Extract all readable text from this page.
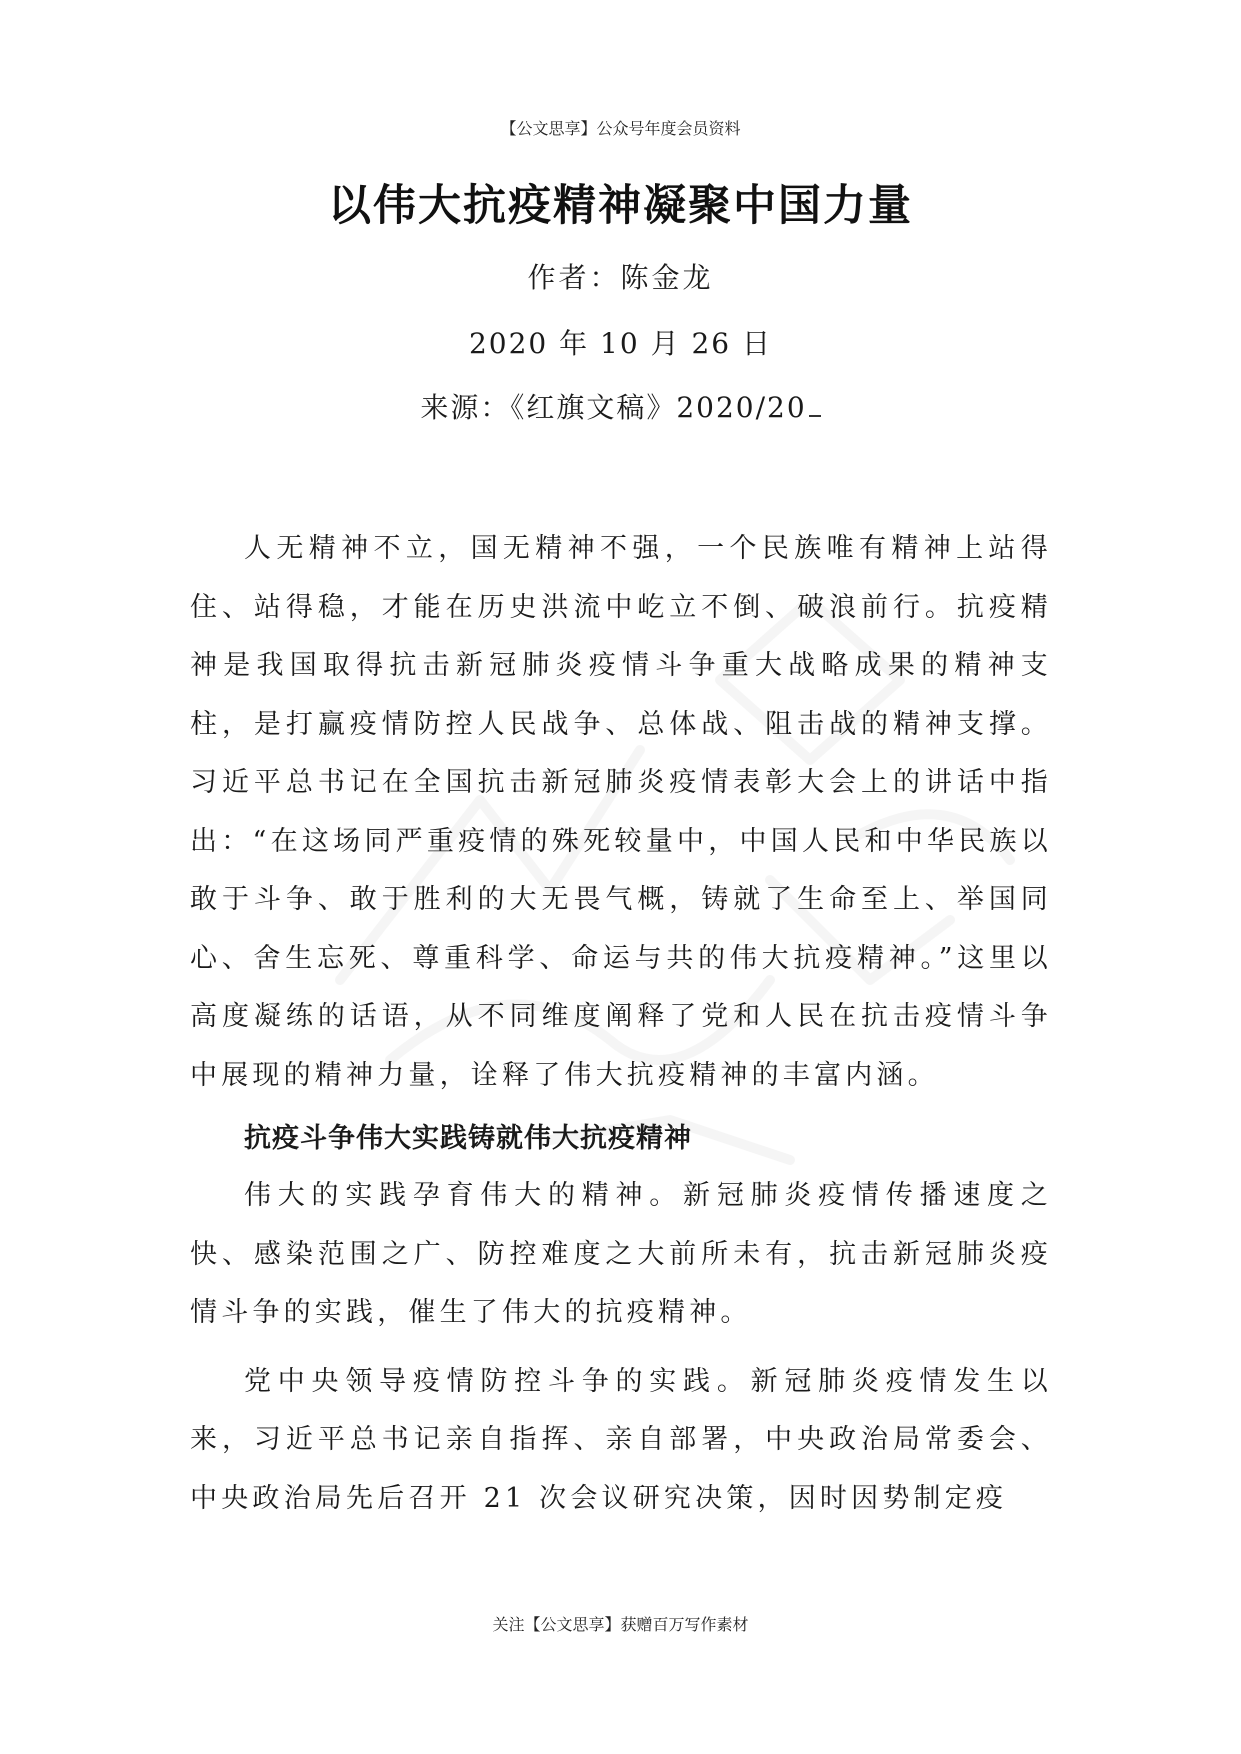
【公文思享】公众号年度会员资料
以伟大抗疫精神凝聚中国力量
作者：陈金龙
2020 年 10 月 26 日
来源：《红旗文稿》2020/20

人无精神不立，国无精神不强，一个民族唯有精神上站得住、站得稳，才能在历史洪流中屹立不倒、破浪前行。抗疫精神是我国取得抗击新冠肺炎疫情斗争重大战略成果的精神支柱，是打赢疫情防控人民战争、总体战、阻击战的精神支撑。习近平总书记在全国抗击新冠肺炎疫情表彰大会上的讲话中指出：“在这场同严重疫情的殊死较量中，中国人民和中华民族以敢于斗争、敢于胜利的大无畏气概，铸就了生命至上、举国同心、舍生忘死、尊重科学、命运与共的伟大抗疫精神。”这里以高度凝练的话语，从不同维度阐释了党和人民在抗击疫情斗争中展现的精神力量，诠释了伟大抗疫精神的丰富内涵。

抗疫斗争伟大实践铸就伟大抗疫精神

伟大的实践孕育伟大的精神。新冠肺炎疫情传播速度之快、感染范围之广、防控难度之大前所未有，抗击新冠肺炎疫情斗争的实践，催生了伟大的抗疫精神。

党中央领导疫情防控斗争的实践。新冠肺炎疫情发生以来，习近平总书记亲自指挥、亲自部署，中央政治局常委会、中央政治局先后召开 21 次会议研究决策，因时因势制定疫

关注【公文思享】获赠百万写作素材
